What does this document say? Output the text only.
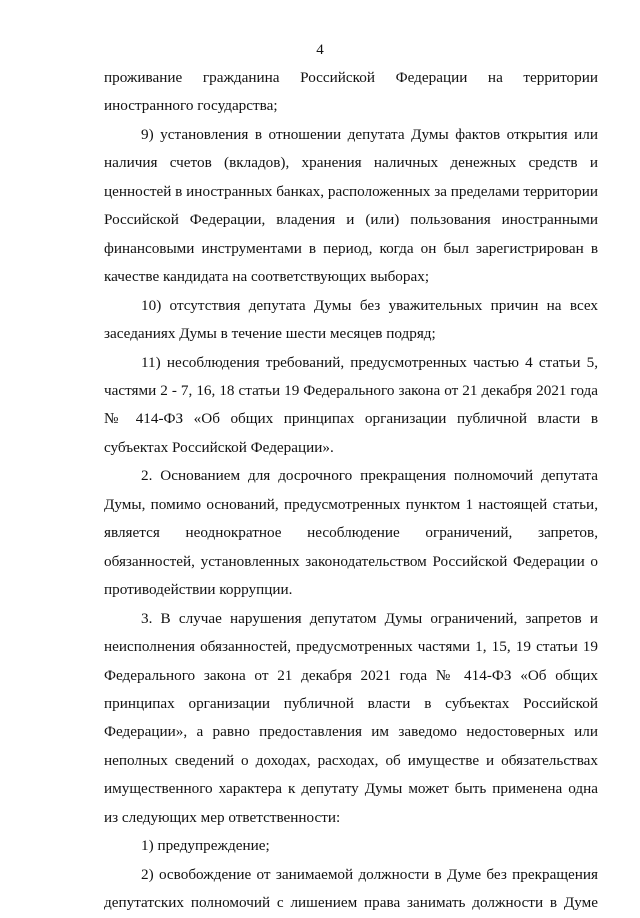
4

проживание гражданина Российской Федерации на территории иностранного государства;

9) установления в отношении депутата Думы фактов открытия или наличия счетов (вкладов), хранения наличных денежных средств и ценностей в иностранных банках, расположенных за пределами территории Российской Федерации, владения и (или) пользования иностранными финансовыми инструментами в период, когда он был зарегистрирован в качестве кандидата на соответствующих выборах;

10) отсутствия депутата Думы без уважительных причин на всех заседаниях Думы в течение шести месяцев подряд;

11) несоблюдения требований, предусмотренных частью 4 статьи 5, частями 2 - 7, 16, 18 статьи 19 Федерального закона от 21 декабря 2021 года № 414-ФЗ «Об общих принципах организации публичной власти в субъектах Российской Федерации».

2. Основанием для досрочного прекращения полномочий депутата Думы, помимо оснований, предусмотренных пунктом 1 настоящей статьи, является неоднократное несоблюдение ограничений, запретов, обязанностей, установленных законодательством Российской Федерации о противодействии коррупции.

3. В случае нарушения депутатом Думы ограничений, запретов и неисполнения обязанностей, предусмотренных частями 1, 15, 19 статьи 19 Федерального закона от 21 декабря 2021 года № 414-ФЗ «Об общих принципах организации публичной власти в субъектах Российской Федерации», а равно предоставления им заведомо недостоверных или неполных сведений о доходах, расходах, об имуществе и обязательствах имущественного характера к депутату Думы может быть применена одна из следующих мер ответственности:

1) предупреждение;

2) освобождение от занимаемой должности в Думе без прекращения депутатских полномочий с лишением права занимать должности в Думе
